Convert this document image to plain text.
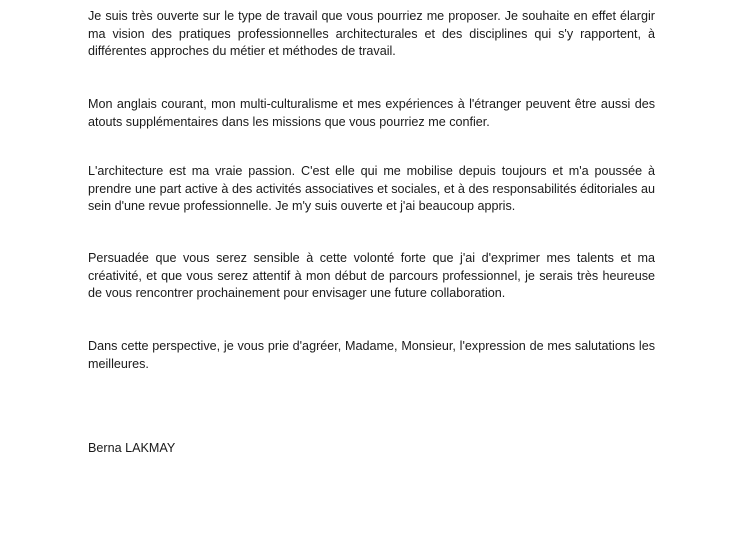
Je suis très ouverte sur le type de travail que vous pourriez me proposer. Je souhaite en effet élargir ma vision des pratiques professionnelles architecturales et des disciplines qui s'y rapportent, à différentes approches du métier et méthodes de travail.

Mon anglais courant, mon multi-culturalisme et mes expériences à l'étranger peuvent être aussi des atouts supplémentaires dans les missions que vous pourriez me confier.

L'architecture est ma vraie passion. C'est elle qui me mobilise depuis toujours et m'a poussée à prendre une part active à des activités associatives et sociales, et à des responsabilités éditoriales au sein d'une revue professionnelle. Je m'y suis ouverte et j'ai beaucoup appris.

Persuadée que vous serez sensible à cette volonté forte que j'ai d'exprimer mes talents et ma créativité, et que vous serez attentif à mon début de parcours professionnel, je serais très heureuse de vous rencontrer prochainement pour envisager une future collaboration.

Dans cette perspective, je vous prie d'agréer, Madame, Monsieur, l'expression de mes salutations les meilleures.

Berna LAKMAY
